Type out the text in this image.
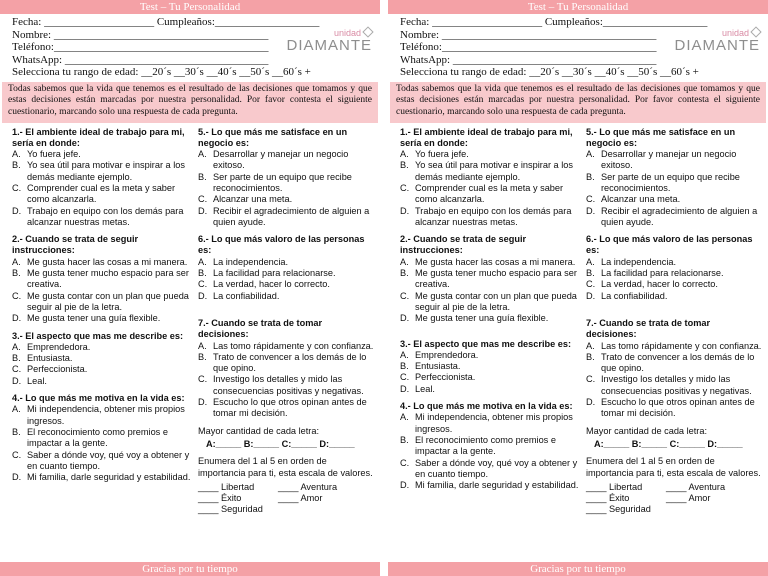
Test – Tu Personalidad
Fecha: ____________________ Cumpleaños:___________________
Nombre: _______________________________________
Teléfono:_______________________________________
WhatsApp: _____________________________________
Selecciona tu rango de edad: __20´s __30´s __40´s __50´s __60´s +
unidad
DIAMANTE
Todas sabemos que la vida que tenemos es el resultado de las decisiones que tomamos y que estas decisiones están marcadas por nuestra personalidad. Por favor contesta el siguiente cuestionario, marcando solo una respuesta de cada pregunta.
1.- El ambiente ideal de trabajo para mi, sería en donde:
A. Yo fuera jefe.
B. Yo sea útil para motivar e inspirar a los demás mediante ejemplo.
C. Comprender cual es la meta y saber como alcanzarla.
D. Trabajo en equipo con los demás para alcanzar nuestras metas.
2.- Cuando se trata de seguir instrucciones:
A. Me gusta hacer las cosas a mi manera.
B. Me gusta tener mucho espacio para ser creativa.
C. Me gusta contar con un plan que pueda seguir al pie de la letra.
D. Me gusta tener una guía flexible.
3.- El aspecto que mas me describe es:
A. Emprendedora.
B. Entusiasta.
C. Perfeccionista.
D. Leal.
4.- Lo que más me motiva en la vida es:
A. Mi independencia, obtener mis propios ingresos.
B. El reconocimiento como premios e impactar a la gente.
C. Saber a dónde voy, qué voy a obtener y en cuanto tiempo.
D. Mi familia, darle seguridad y estabilidad.
5.- Lo que más me satisface en un negocio es:
A. Desarrollar y manejar un negocio exitoso.
B. Ser parte de un equipo que recibe reconocimientos.
C. Alcanzar una meta.
D. Recibir el agradecimiento de alguien a quien ayude.
6.- Lo que más valoro de las personas es:
A. La independencia.
B. La facilidad para relacionarse.
C. La verdad, hacer lo correcto.
D. La confiabilidad.
7.- Cuando se trata de tomar decisiones:
A. Las tomo rápidamente y con confianza.
B. Trato de convencer a los demás de lo que opino.
C. Investigo los detalles y mido las consecuencias positivas y negativas.
D. Escucho lo que otros opinan antes de tomar mi decisión.
Mayor cantidad de cada letra:
A:_____ B:_____ C:_____ D:_____
Enumera del 1 al 5 en orden de importancia para ti, esta escala de valores.
____ Libertad
____ Éxito
____ Seguridad
____ Aventura
____ Amor
Gracias por tu tiempo
Test – Tu Personalidad
Fecha: ____________________ Cumpleaños:___________________
Nombre: _______________________________________
Teléfono:_______________________________________
WhatsApp: _____________________________________
Selecciona tu rango de edad: __20´s __30´s __40´s __50´s __60´s +
unidad
DIAMANTE
Todas sabemos que la vida que tenemos es el resultado de las decisiones que tomamos y que estas decisiones están marcadas por nuestra personalidad. Por favor contesta el siguiente cuestionario, marcando solo una respuesta de cada pregunta.
1.- El ambiente ideal de trabajo para mi, sería en donde:
A. Yo fuera jefe.
B. Yo sea útil para motivar e inspirar a los demás mediante ejemplo.
C. Comprender cual es la meta y saber como alcanzarla.
D. Trabajo en equipo con los demás para alcanzar nuestras metas.
2.- Cuando se trata de seguir instrucciones:
A. Me gusta hacer las cosas a mi manera.
B. Me gusta tener mucho espacio para ser creativa.
C. Me gusta contar con un plan que pueda seguir al pie de la letra.
D. Me gusta tener una guía flexible.
3.- El aspecto que mas me describe es:
A. Emprendedora.
B. Entusiasta.
C. Perfeccionista.
D. Leal.
4.- Lo que más me motiva en la vida es:
A. Mi independencia, obtener mis propios ingresos.
B. El reconocimiento como premios e impactar a la gente.
C. Saber a dónde voy, qué voy a obtener y en cuanto tiempo.
D. Mi familia, darle seguridad y estabilidad.
5.- Lo que más me satisface en un negocio es:
A. Desarrollar y manejar un negocio exitoso.
B. Ser parte de un equipo que recibe reconocimientos.
C. Alcanzar una meta.
D. Recibir el agradecimiento de alguien a quien ayude.
6.- Lo que más valoro de las personas es:
A. La independencia.
B. La facilidad para relacionarse.
C. La verdad, hacer lo correcto.
D. La confiabilidad.
7.- Cuando se trata de tomar decisiones:
A. Las tomo rápidamente y con confianza.
B. Trato de convencer a los demás de lo que opino.
C. Investigo los detalles y mido las consecuencias positivas y negativas.
D. Escucho lo que otros opinan antes de tomar mi decisión.
Mayor cantidad de cada letra:
A:_____ B:_____ C:_____ D:_____
Enumera del 1 al 5 en orden de importancia para ti, esta escala de valores.
____ Libertad
____ Éxito
____ Seguridad
____ Aventura
____ Amor
Gracias por tu tiempo
